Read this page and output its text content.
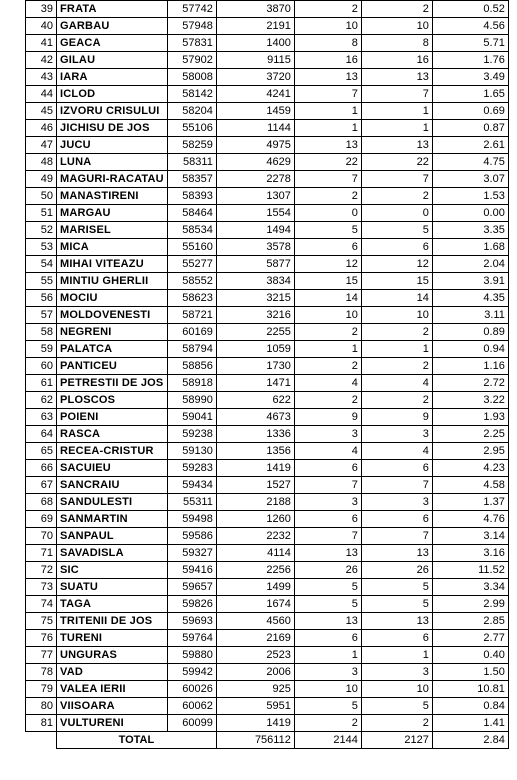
39	FRATA	57742	3870	2	2	0.52
40	GARBAU	57948	2191	10	10	4.56
41	GEACA	57831	1400	8	8	5.71
42	GILAU	57902	9115	16	16	1.76
43	IARA	58008	3720	13	13	3.49
44	ICLOD	58142	4241	7	7	1.65
45	IZVORU CRISULUI	58204	1459	1	1	0.69
46	JICHISU DE JOS	55106	1144	1	1	0.87
47	JUCU	58259	4975	13	13	2.61
48	LUNA	58311	4629	22	22	4.75
49	MAGURI-RACATAU	58357	2278	7	7	3.07
50	MANASTIRENI	58393	1307	2	2	1.53
51	MARGAU	58464	1554	0	0	0.00
52	MARISEL	58534	1494	5	5	3.35
53	MICA	55160	3578	6	6	1.68
54	MIHAI VITEAZU	55277	5877	12	12	2.04
55	MINTIU GHERLII	58552	3834	15	15	3.91
56	MOCIU	58623	3215	14	14	4.35
57	MOLDOVENESTI	58721	3216	10	10	3.11
58	NEGRENI	60169	2255	2	2	0.89
59	PALATCA	58794	1059	1	1	0.94
60	PANTICEU	58856	1730	2	2	1.16
61	PETRESTII DE JOS	58918	1471	4	4	2.72
62	PLOSCOS	58990	622	2	2	3.22
63	POIENI	59041	4673	9	9	1.93
64	RASCA	59238	1336	3	3	2.25
65	RECEA-CRISTUR	59130	1356	4	4	2.95
66	SACUIEU	59283	1419	6	6	4.23
67	SANCRAIU	59434	1527	7	7	4.58
68	SANDULESTI	55311	2188	3	3	1.37
69	SANMARTIN	59498	1260	6	6	4.76
70	SANPAUL	59586	2232	7	7	3.14
71	SAVADISLA	59327	4114	13	13	3.16
72	SIC	59416	2256	26	26	11.52
73	SUATU	59657	1499	5	5	3.34
74	TAGA	59826	1674	5	5	2.99
75	TRITENII DE JOS	59693	4560	13	13	2.85
76	TURENI	59764	2169	6	6	2.77
77	UNGURAS	59880	2523	1	1	0.40
78	VAD	59942	2006	3	3	1.50
79	VALEA IERII	60026	925	10	10	10.81
80	VIISOARA	60062	5951	5	5	0.84
81	VULTURENI	60099	1419	2	2	1.41
	TOTAL		756112	2144	2127	2.84
